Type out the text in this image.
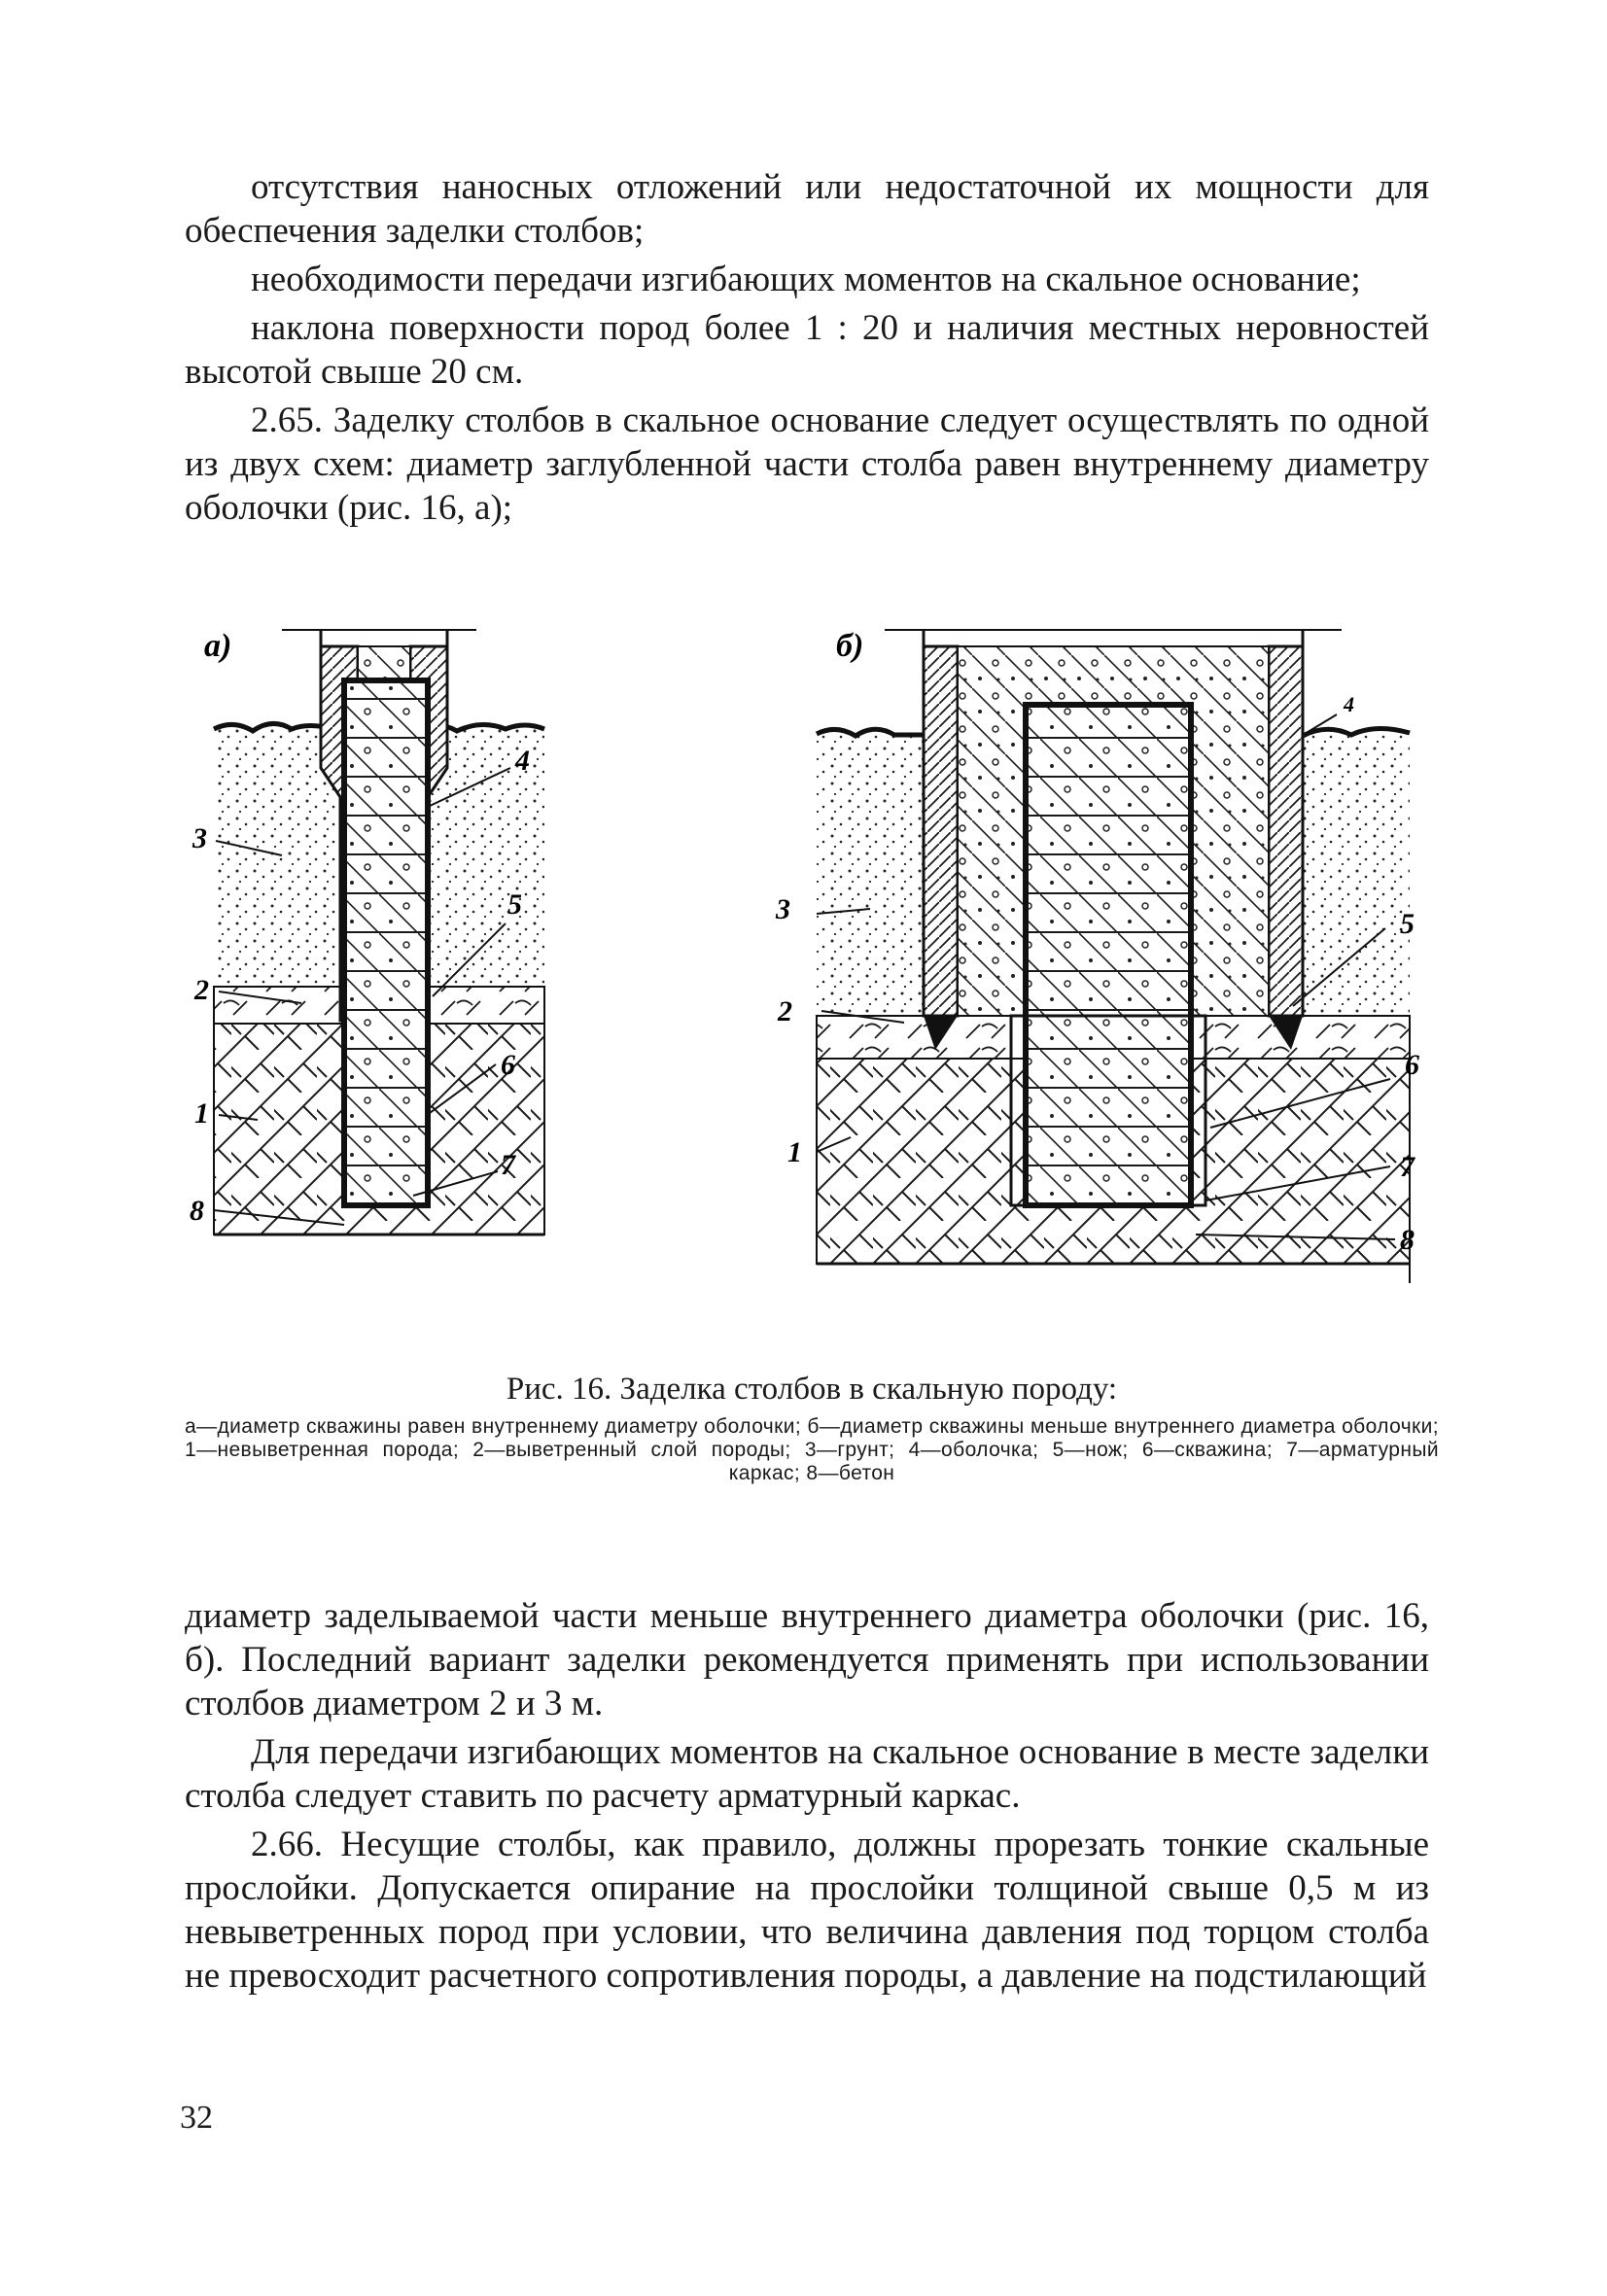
отсутствия наносных отложений или недостаточной их мощности для обеспечения заделки столбов;

необходимости передачи изгибающих моментов на скальное основание;

наклона поверхности пород более 1 : 20 и наличия местных неровностей высотой свыше 20 см.

2.65. Заделку столбов в скальное основание следует осуществлять по одной из двух схем: диаметр заглубленной части столба равен внутреннему диаметру оболочки (рис. 16, а);

а)
3
2
1
8
4
5
6
7
б)
3
2
1
4
5
6
7
8

Рис. 16. Заделка столбов в скальную породу:

а—диаметр скважины равен внутреннему диаметру оболочки; б—диаметр скважины меньше внутреннего диаметра оболочки; 1—невыветренная порода; 2—выветренный слой породы; 3—грунт; 4—оболочка; 5—нож; 6—скважина; 7—арматурный каркас; 8—бетон

диаметр заделываемой части меньше внутреннего диаметра оболочки (рис. 16, б). Последний вариант заделки рекомендуется применять при использовании столбов диаметром 2 и 3 м.

Для передачи изгибающих моментов на скальное основание в месте заделки столба следует ставить по расчету арматурный каркас.

2.66. Несущие столбы, как правило, должны прорезать тонкие скальные прослойки. Допускается опирание на прослойки толщиной свыше 0,5 м из невыветренных пород при условии, что величина давления под торцом столба не превосходит расчетного сопротивления породы, а давление на подстилающий

32
